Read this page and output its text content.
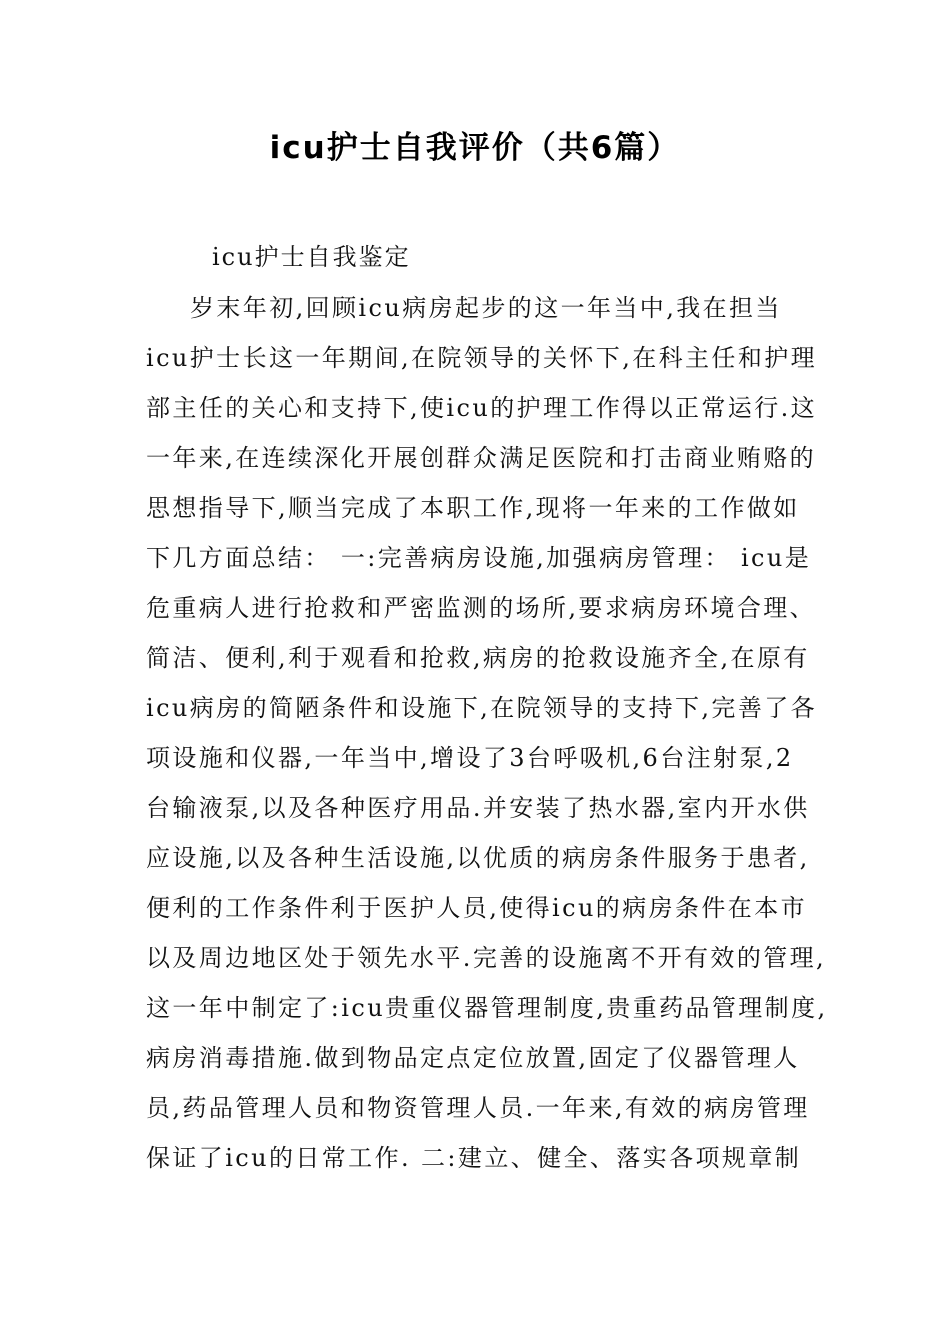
icu护士自我评价（共6篇）
icu护士自我鉴定
岁末年初,回顾icu病房起步的这一年当中,我在担当
icu护士长这一年期间,在院领导的关怀下,在科主任和护理
部主任的关心和支持下,使icu的护理工作得以正常运行.这
一年来,在连续深化开展创群众满足医院和打击商业贿赂的
思想指导下,顺当完成了本职工作,现将一年来的工作做如
下几方面总结： 一:完善病房设施,加强病房管理： icu是
危重病人进行抢救和严密监测的场所,要求病房环境合理、
简洁、便利,利于观看和抢救,病房的抢救设施齐全,在原有
icu病房的简陋条件和设施下,在院领导的支持下,完善了各
项设施和仪器,一年当中,增设了3台呼吸机,6台注射泵,2
台输液泵,以及各种医疗用品.并安装了热水器,室内开水供
应设施,以及各种生活设施,以优质的病房条件服务于患者,
便利的工作条件利于医护人员,使得icu的病房条件在本市
以及周边地区处于领先水平.完善的设施离不开有效的管理,
这一年中制定了:icu贵重仪器管理制度,贵重药品管理制度,
病房消毒措施.做到物品定点定位放置,固定了仪器管理人
员,药品管理人员和物资管理人员.一年来,有效的病房管理
保证了icu的日常工作. 二:建立、健全、落实各项规章制
